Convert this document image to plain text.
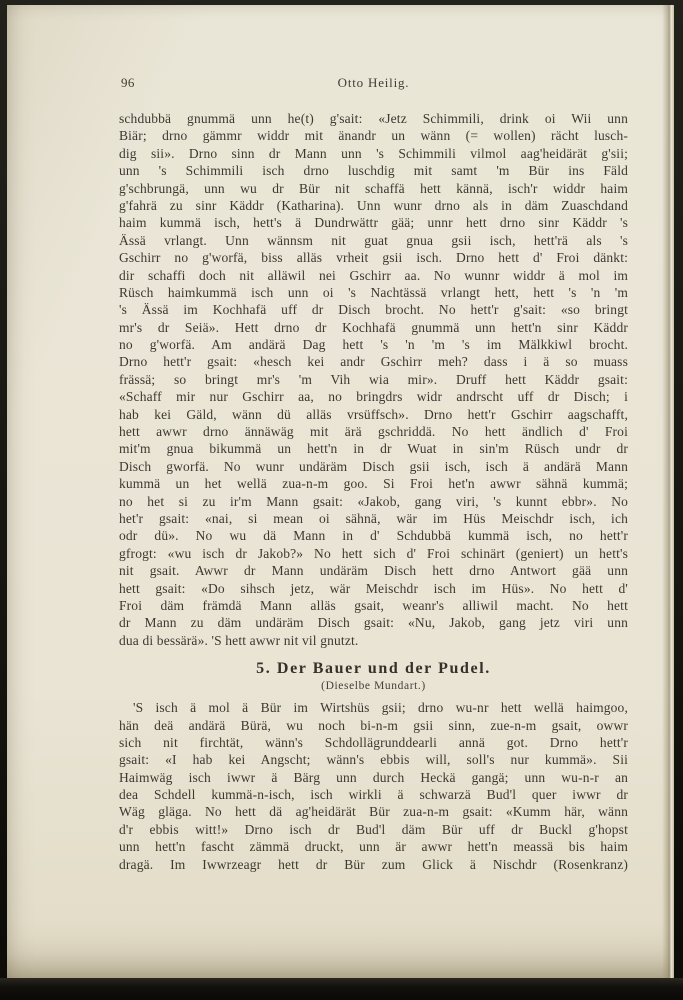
96	Otto Heilig.
schdubbä gnummä unn he(t) g'sait: «Jetz Schimmili, drink oi Wii unn
Biär; drno gämmr widdr mit änandr un wänn (= wollen) rächt lusch-
dig sii». Drno sinn dr Mann unn 's Schimmili vilmol aag'heidärät g'sii;
unn 's Schimmili isch drno luschdig mit samt 'm Bür ins Fäld
g'schbrungä, unn wu dr Bür nit schaffä hett kännä, isch'r widdr haim
g'fahrä zu sinr Käddr (Katharina). Unn wunr drno als in däm Zuaschdand
haim kummä isch, hett's ä Dundrwättr gää; unnr hett drno sinr Käddr 's
Ässä vrlangt. Unn wännsm nit guat gnua gsii isch, hett'rä als 's
Gschirr no g'worfä, biss alläs vrheit gsii isch. Drno hett d' Froi dänkt:
dir schaffi doch nit alläwil nei Gschirr aa. No wunnr widdr ä mol im
Rüsch haimkummä isch unn oi 's Nachtässä vrlangt hett, hett 's 'n 'm
's Ässä im Kochhafä uff dr Disch brocht. No hett'r g'sait: «so bringt
mr's dr Seiä». Hett drno dr Kochhafä gnummä unn hett'n sinr Käddr
no g'worfä. Am andärä Dag hett 's 'n 'm 's im Mälkkiwl brocht.
Drno hett'r gsait: «hesch kei andr Gschirr meh? dass i ä so muass
frässä; so bringt mr's 'm Vih wia mir». Druff hett Käddr gsait:
«Schaff mir nur Gschirr aa, no bringdrs widr andrscht uff dr Disch; i
hab kei Gäld, wänn dü alläs vrsüffsch». Drno hett'r Gschirr aagschafft,
hett awwr drno ännäwäg mit ärä gschriddä. No hett ändlich d' Froi
mit'm gnua bikummä un hett'n in dr Wuat in sin'm Rüsch undr dr
Disch gworfä. No wunr undäräm Disch gsii isch, isch ä andärä Mann
kummä un het wellä zua-n-m goo. Si Froi het'n awwr sähnä kummä;
no het si zu ir'm Mann gsait: «Jakob, gang viri, 's kunnt ebbr». No
het'r gsait: «nai, si mean oi sähnä, wär im Hüs Meischdr isch, ich
odr dü». No wu dä Mann in d' Schdubbä kummä isch, no hett'r
gfrogt: «wu isch dr Jakob?» No hett sich d' Froi schinärt (geniert) un hett's
nit gsait. Awwr dr Mann undäräm Disch hett drno Antwort gää unn
hett gsait: «Do sihsch jetz, wär Meischdr isch im Hüs». No hett d'
Froi däm främdä Mann alläs gsait, weanr's alliwil macht. No hett
dr Mann zu däm undäräm Disch gsait: «Nu, Jakob, gang jetz viri unn
dua di bessärä». 'S hett awwr nit vil gnutzt.
5. Der Bauer und der Pudel.
(Dieselbe Mundart.)
'S isch ä mol ä Bür im Wirtshüs gsii; drno wu-nr hett wellä haimgoo,
hän deä andärä Bürä, wu noch bi-n-m gsii sinn, zue-n-m gsait, owwr
sich nit firchtät, wänn's Schdollägrunddearli annä got. Drno hett'r
gsait: «I hab kei Angscht; wänn's ebbis will, soll's nur kummä». Sii
Haimwäg isch iwwr ä Bärg unn durch Heckä gangä; unn wu-n-r an
dea Schdell kummä-n-isch, isch wirkli ä schwarzä Bud'l quer iwwr dr
Wäg gläga. No hett dä ag'heidärät Bür zua-n-m gsait: «Kumm här, wänn
d'r ebbis witt!» Drno isch dr Bud'l däm Bür uff dr Buckl g'hopst
unn hett'n fascht zämmä druckt, unn är awwr hett'n meassä bis haim
dragä. Im Iwwrzeagr hett dr Bür zum Glick ä Nischdr (Rosenkranz)
